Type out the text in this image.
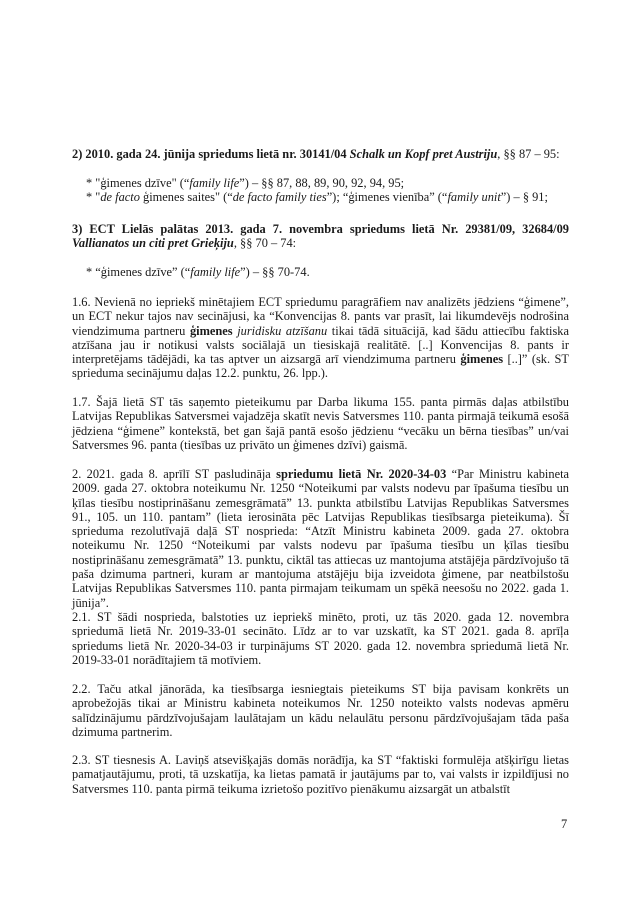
2) 2010. gada 24. jūnija spriedums lietā nr. 30141/04 Schalk un Kopf pret Austriju, §§ 87 – 95:
* "ģimenes dzīve" (“family life”) – §§ 87, 88, 89, 90, 92, 94, 95;
* "de facto ģimenes saites" (“de facto family ties”); “ģimenes vienība” (“family unit”) – § 91;
3) ECT Lielās palātas 2013. gada 7. novembra spriedums lietā Nr. 29381/09, 32684/09 Vallianatos un citi pret Grieķiju, §§ 70 – 74:
* “ģimenes dzīve” (“family life”) – §§ 70-74.
1.6. Nevienā no iepriekš minētajiem ECT spriedumu paragrāfiem nav analizēts jēdziens “ģimene”, un ECT nekur tajos nav secinājusi, ka “Konvencijas 8. pants var prasīt, lai likumdevējs nodrošina viendzimuma partneru ģimenes juridisku atzīšanu tikai tādā situācijā, kad šādu attiecību faktiska atzīšana jau ir notikusi valsts sociālajā un tiesiskajā realitātē. [..] Konvencijas 8. pants ir interpretējams tādējādi, ka tas aptver un aizsargā arī viendzimuma partneru ģimenes [..]” (sk. ST sprieduma secinājumu daļas 12.2. punktu, 26. lpp.).
1.7. Šajā lietā ST tās saņemto pieteikumu par Darba likuma 155. panta pirmās daļas atbilstību Latvijas Republikas Satversmei vajadzēja skatīt nevis Satversmes 110. panta pirmajā teikumā esošā jēdziena “ģimene” kontekstā, bet gan šajā pantā esošo jēdzienu “vecāku un bērna tiesības” un/vai Satversmes 96. panta (tiesības uz privāto un ģimenes dzīvi) gaismā.
2. 2021. gada 8. aprīlī ST pasludināja spriedumu lietā Nr. 2020-34-03 “Par Ministru kabineta 2009. gada 27. oktobra noteikumu Nr. 1250 “Noteikumi par valsts nodevu par īpašuma tiesību un ķīlas tiesību nostiprināšanu zemesgrāmatā” 13. punkta atbilstību Latvijas Republikas Satversmes 91., 105. un 110. pantam” (lieta ierosināta pēc Latvijas Republikas tiesībsarga pieteikuma). Šī sprieduma rezolutīvajā daļā ST nosprieda: “Atzīt Ministru kabineta 2009. gada 27. oktobra noteikumu Nr. 1250 “Noteikumi par valsts nodevu par īpašuma tiesību un ķīlas tiesību nostiprināšanu zemesgrāmatā” 13. punktu, ciktāl tas attiecas uz mantojuma atstājēja pārdzīvojušo tā paša dzimuma partneri, kuram ar mantojuma atstājēju bija izveidota ģimene, par neatbilstošu Latvijas Republikas Satversmes 110. panta pirmajam teikumam un spēkā neesošu no 2022. gada 1. jūnija”.
2.1. ST šādi nosprieda, balstoties uz iepriekš minēto, proti, uz tās 2020. gada 12. novembra spriedumā lietā Nr. 2019-33-01 secināto. Līdz ar to var uzskatīt, ka ST 2021. gada 8. aprīļa spriedums lietā Nr. 2020-34-03 ir turpinājums ST 2020. gada 12. novembra spriedumā lietā Nr. 2019-33-01 norādītajiem tā motīviem.
2.2. Taču atkal jānorāda, ka tiesībsarga iesniegtais pieteikums ST bija pavisam konkrēts un aprobežojās tikai ar Ministru kabineta noteikumos Nr. 1250 noteikto valsts nodevas apmēru salīdzinājumu pārdzīvojušajam laulātajam un kādu nelaulātu personu pārdzīvojušajam tāda paša dzimuma partnerim.
2.3. ST tiesnesis A. Laviņš atsevišķajās domās norādīja, ka ST “faktiski formulēja atšķirīgu lietas pamatjautājumu, proti, tā uzskatīja, ka lietas pamatā ir jautājums par to, vai valsts ir izpildījusi no Satversmes 110. panta pirmā teikuma izrietošo pozitīvo pienākumu aizsargāt un atbalstīt
7
